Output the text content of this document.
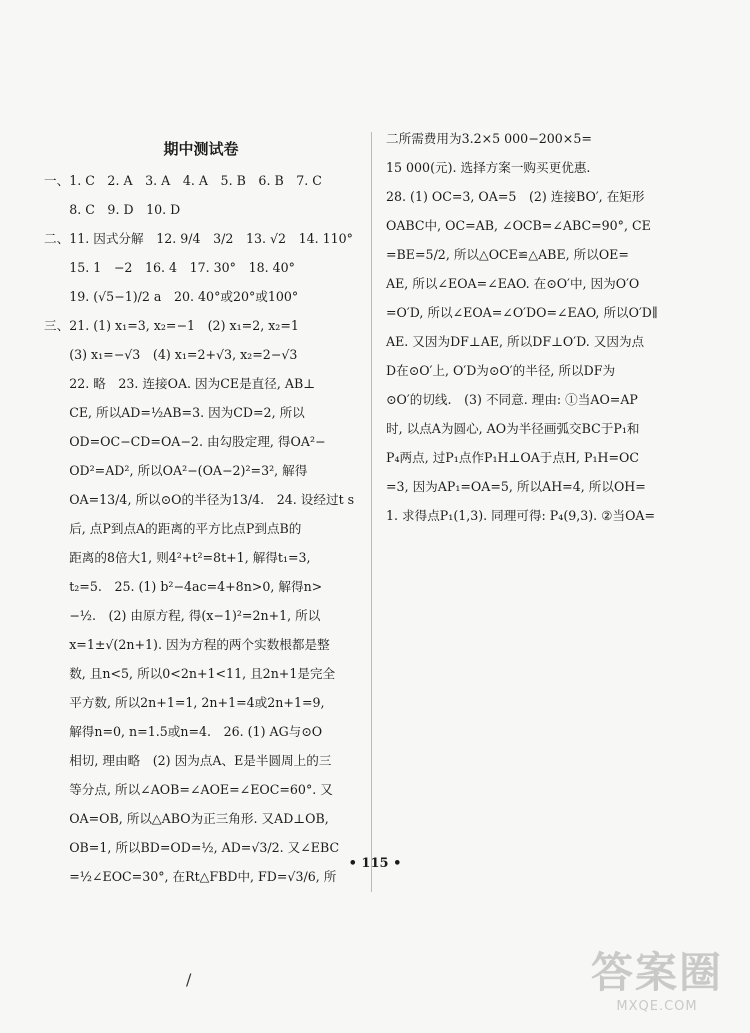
期中测试卷

一、1. C　2. A　3. A　4. A　5. B　6. B　7. C

　　8. C　9. D　10. D

二、11. 因式分解　12. 9/4　3/2　13. √2　14. 110°

　　15. 1　−2　16. 4　17. 30°　18. 40°

　　19. (√5−1)/2 a　20. 40°或20°或100°

三、21. (1) x₁=3, x₂=−1　(2) x₁=2, x₂=1

　　(3) x₁=−√3　(4) x₁=2+√3, x₂=2−√3

　　22. 略　23. 连接OA. 因为CE是直径, AB⊥

　　CE, 所以AD=½AB=3. 因为CD=2, 所以

　　OD=OC−CD=OA−2. 由勾股定理, 得OA²−

　　OD²=AD², 所以OA²−(OA−2)²=3², 解得

　　OA=13/4, 所以⊙O的半径为13/4.　24. 设经过t s

　　后, 点P到点A的距离的平方比点P到点B的

　　距离的8倍大1, 则4²+t²=8t+1, 解得t₁=3,

　　t₂=5.　25. (1) b²−4ac=4+8n>0, 解得n>

　　−½.　(2) 由原方程, 得(x−1)²=2n+1, 所以

　　x=1±√(2n+1). 因为方程的两个实数根都是整

　　数, 且n<5, 所以0<2n+1<11, 且2n+1是完全

　　平方数, 所以2n+1=1, 2n+1=4或2n+1=9,

　　解得n=0, n=1.5或n=4.　26. (1) AG与⊙O

　　相切, 理由略　(2) 因为点A、E是半圆周上的三

　　等分点, 所以∠AOB=∠AOE=∠EOC=60°. 又

　　OA=OB, 所以△ABO为正三角形. 又AD⊥OB,

　　OB=1, 所以BD=OD=½, AD=√3/2. 又∠EBC

　　=½∠EOC=30°, 在Rt△FBD中, FD=√3/6, 所

二所需费用为3.2×5 000−200×5=

15 000(元). 选择方案一购买更优惠.

28. (1) OC=3, OA=5　(2) 连接BO′, 在矩形

OABC中, OC=AB, ∠OCB=∠ABC=90°, CE

=BE=5/2, 所以△OCE≌△ABE, 所以OE=

AE, 所以∠EOA=∠EAO. 在⊙O′中, 因为O′O

=O′D, 所以∠EOA=∠O′DO=∠EAO, 所以O′D∥

AE. 又因为DF⊥AE, 所以DF⊥O′D. 又因为点

D在⊙O′上, O′D为⊙O′的半径, 所以DF为

⊙O′的切线.　(3) 不同意. 理由: ①当AO=AP

时, 以点A为圆心, AO为半径画弧交BC于P₁和

P₄两点, 过P₁点作P₁H⊥OA于点H, P₁H=OC

=3, 因为AP₁=OA=5, 所以AH=4, 所以OH=

1. 求得点P₁(1,3). 同理可得: P₄(9,3). ②当OA=

• 115 •
/	答案圈
MXQE.COM
